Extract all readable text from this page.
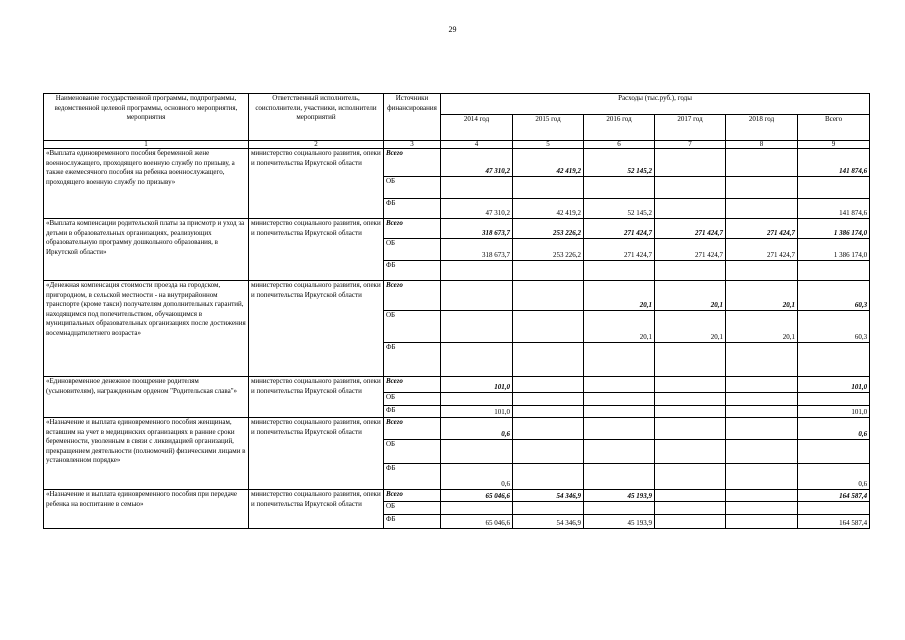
29
Наименование государственной программы, подпрограммы, ведомственной целевой программы, основного мероприятия, мероприятия	Ответственный исполнитель, соисполнители, участники, исполнители мероприятий	Источники финансирования	Расходы (тыс.руб.), годы					
			2014 год	2015 год	2016 год	2017 год	2018 год	Всего
1	2	3	4	5	6	7	8	9
«Выплата единовременного пособия беременной жене военнослужащего, проходящего военную службу по призыву, а также ежемесячного пособия на ребенка военнослужащего, проходящего военную службу по призыву»	министерство социального развития, опеки и попечительства Иркутской области	Всего	47 310,2	42 419,2	52 145,2			141 874,6
		ОБ						
		ФБ	47 310,2	42 419,2	52 145,2			141 874,6
«Выплата компенсации родительской платы за присмотр и уход за детьми в образовательных организациях, реализующих образовательную программу дошкольного образования, в Иркутской области»	министерство социального развития, опеки и попечительства Иркутской области	Всего	318 673,7	253 226,2	271 424,7	271 424,7	271 424,7	1 386 174,0
		ОБ	318 673,7	253 226,2	271 424,7	271 424,7	271 424,7	1 386 174,0
		ФБ						
«Денежная компенсация стоимости проезда на городском, пригородном, в сельской местности - на внутрирайонном транспорте (кроме такси) получателям дополнительных гарантий, находящимся под попечительством, обучающимся в муниципальных образовательных организациях после достижения восемнадцатилетнего возраста»	министерство социального развития, опеки и попечительства Иркутской области	Всего			20,1	20,1	20,1	60,3
		ОБ			20,1	20,1	20,1	60,3
		ФБ						
«Единовременное денежное поощрение родителям (усыновителям), награжденным орденом "Родительская слава"»	министерство социального развития, опеки и попечительства Иркутской области	Всего	101,0					101,0
		ОБ						
		ФБ	101,0					101,0
«Назначение и выплата единовременного пособия женщинам, вставшим на учет в медицинских организациях в ранние сроки беременности, уволенным в связи с ликвидацией организаций, прекращением деятельности (полномочий) физическими лицами в установленном порядке»	министерство социального развития, опеки и попечительства Иркутской области	Всего	0,6					0,6
		ОБ						
		ФБ	0,6					0,6
«Назначение и выплата единовременного пособия при передаче ребенка на воспитание в семью»	министерство социального развития, опеки и попечительства Иркутской области	Всего	65 046,6	54 346,9	45 193,9			164 587,4
		ОБ						
		ФБ	65 046,6	54 346,9	45 193,9			164 587,4
